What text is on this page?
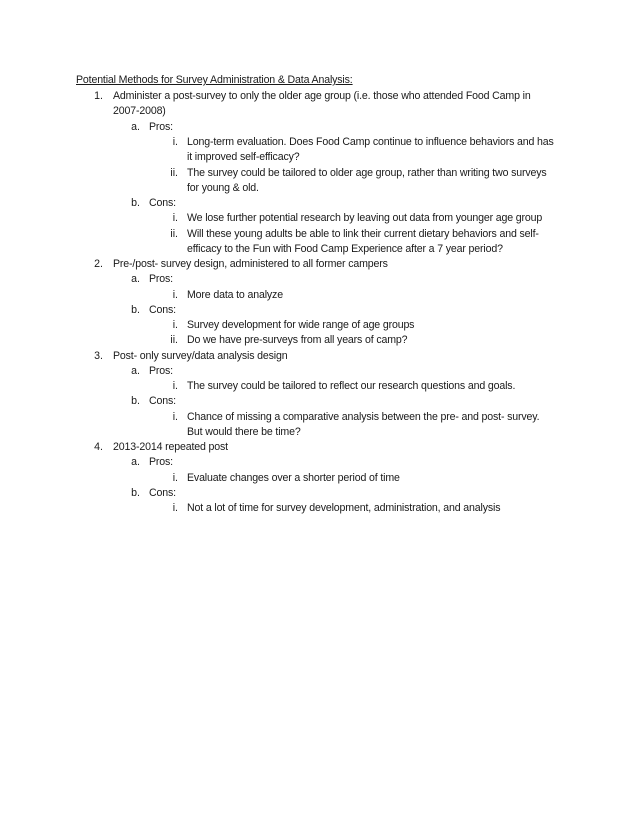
Potential Methods for Survey Administration & Data Analysis:
1. Administer a post-survey to only the older age group (i.e. those who attended Food Camp in
2007-2008)
a. Pros:
i. Long-term evaluation. Does Food Camp continue to influence behaviors and has
it improved self-efficacy?
ii. The survey could be tailored to older age group, rather than writing two surveys
for young & old.
b. Cons:
i. We lose further potential research by leaving out data from younger age group
ii. Will these young adults be able to link their current dietary behaviors and self-
efficacy to the Fun with Food Camp Experience after a 7 year period?
2. Pre-/post- survey design, administered to all former campers
a. Pros:
i. More data to analyze
b. Cons:
i. Survey development for wide range of age groups
ii. Do we have pre-surveys from all years of camp?
3. Post- only survey/data analysis design
a. Pros:
i. The survey could be tailored to reflect our research questions and goals.
b. Cons:
i. Chance of missing a comparative analysis between the pre- and post- survey.
But would there be time?
4. 2013-2014 repeated post
a. Pros:
i. Evaluate changes over a shorter period of time
b. Cons:
i. Not a lot of time for survey development, administration, and analysis
